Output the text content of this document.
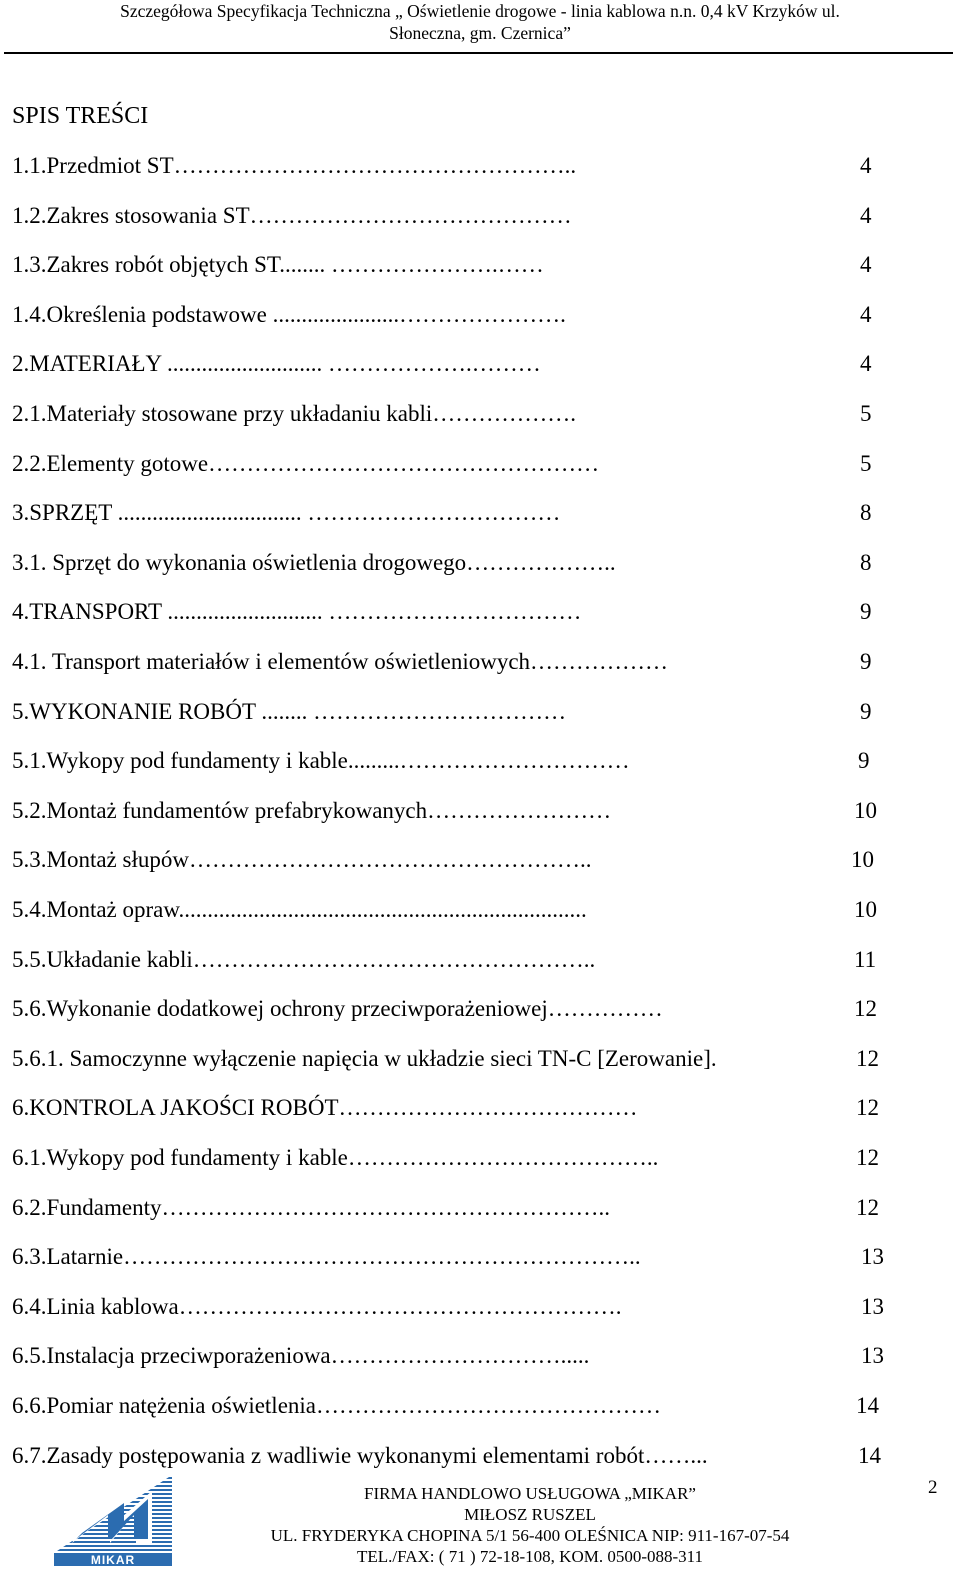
Szczegółowa Specyfikacja Techniczna „ Oświetlenie drogowe - linia kablowa n.n. 0,4 kV Krzyków ul.
Słoneczna, gm. Czernica”
SPIS TREŚCI
1.1.Przedmiot ST……………………………………………..	4
1.2.Zakres stosowania ST……………………………………	4
1.3.Zakres robót objętych ST........ ………………….……	4
1.4.Określenia podstawowe ......................………………….	4
2.MATERIAŁY ........................... ……………….………	4
2.1.Materiały stosowane przy układaniu kabli……………….	5
2.2.Elementy gotowe……………………………………………	5
3.SPRZĘT ................................ ……………………………	8
3.1. Sprzęt do wykonania oświetlenia drogowego………………..	8
4.TRANSPORT ........................... ……………………………	9
4.1. Transport materiałów i elementów oświetleniowych………………	9
5.WYKONANIE ROBÓT ........ ……………………………	9
5.1.Wykopy pod fundamenty i kable.........…………………………	9
5.2.Montaż fundamentów prefabrykowanych……………………	10
5.3.Montaż słupów……………………………………………..	10
5.4.Montaż opraw.......................................................................	10
5.5.Układanie kabli……………………………………………..	11
5.6.Wykonanie dodatkowej ochrony przeciwporażeniowej……………	12
5.6.1. Samoczynne wyłączenie napięcia w układzie sieci TN-C [Zerowanie].	12
6.KONTROLA JAKOŚCI ROBÓT…………………………………	12
6.1.Wykopy pod fundamenty i kable…………………………………..	12
6.2.Fundamenty…………………………………………………..	12
6.3.Latarnie…………………………………………………………..	13
6.4.Linia kablowa………………………………………………….	13
6.5.Instalacja przeciwporażeniowa………………………….....	13
6.6.Pomiar natężenia oświetlenia………………………………………	14
6.7.Zasady postępowania z wadliwie wykonanymi elementami robót……...	14
MIKAR
FIRMA HANDLOWO USŁUGOWA „MIKAR”
MIŁOSZ RUSZEL
UL. FRYDERYKA CHOPINA 5/1 56-400 OLEŚNICA NIP: 911-167-07-54
TEL./FAX: ( 71 ) 72-18-108, KOM. 0500-088-311
2
